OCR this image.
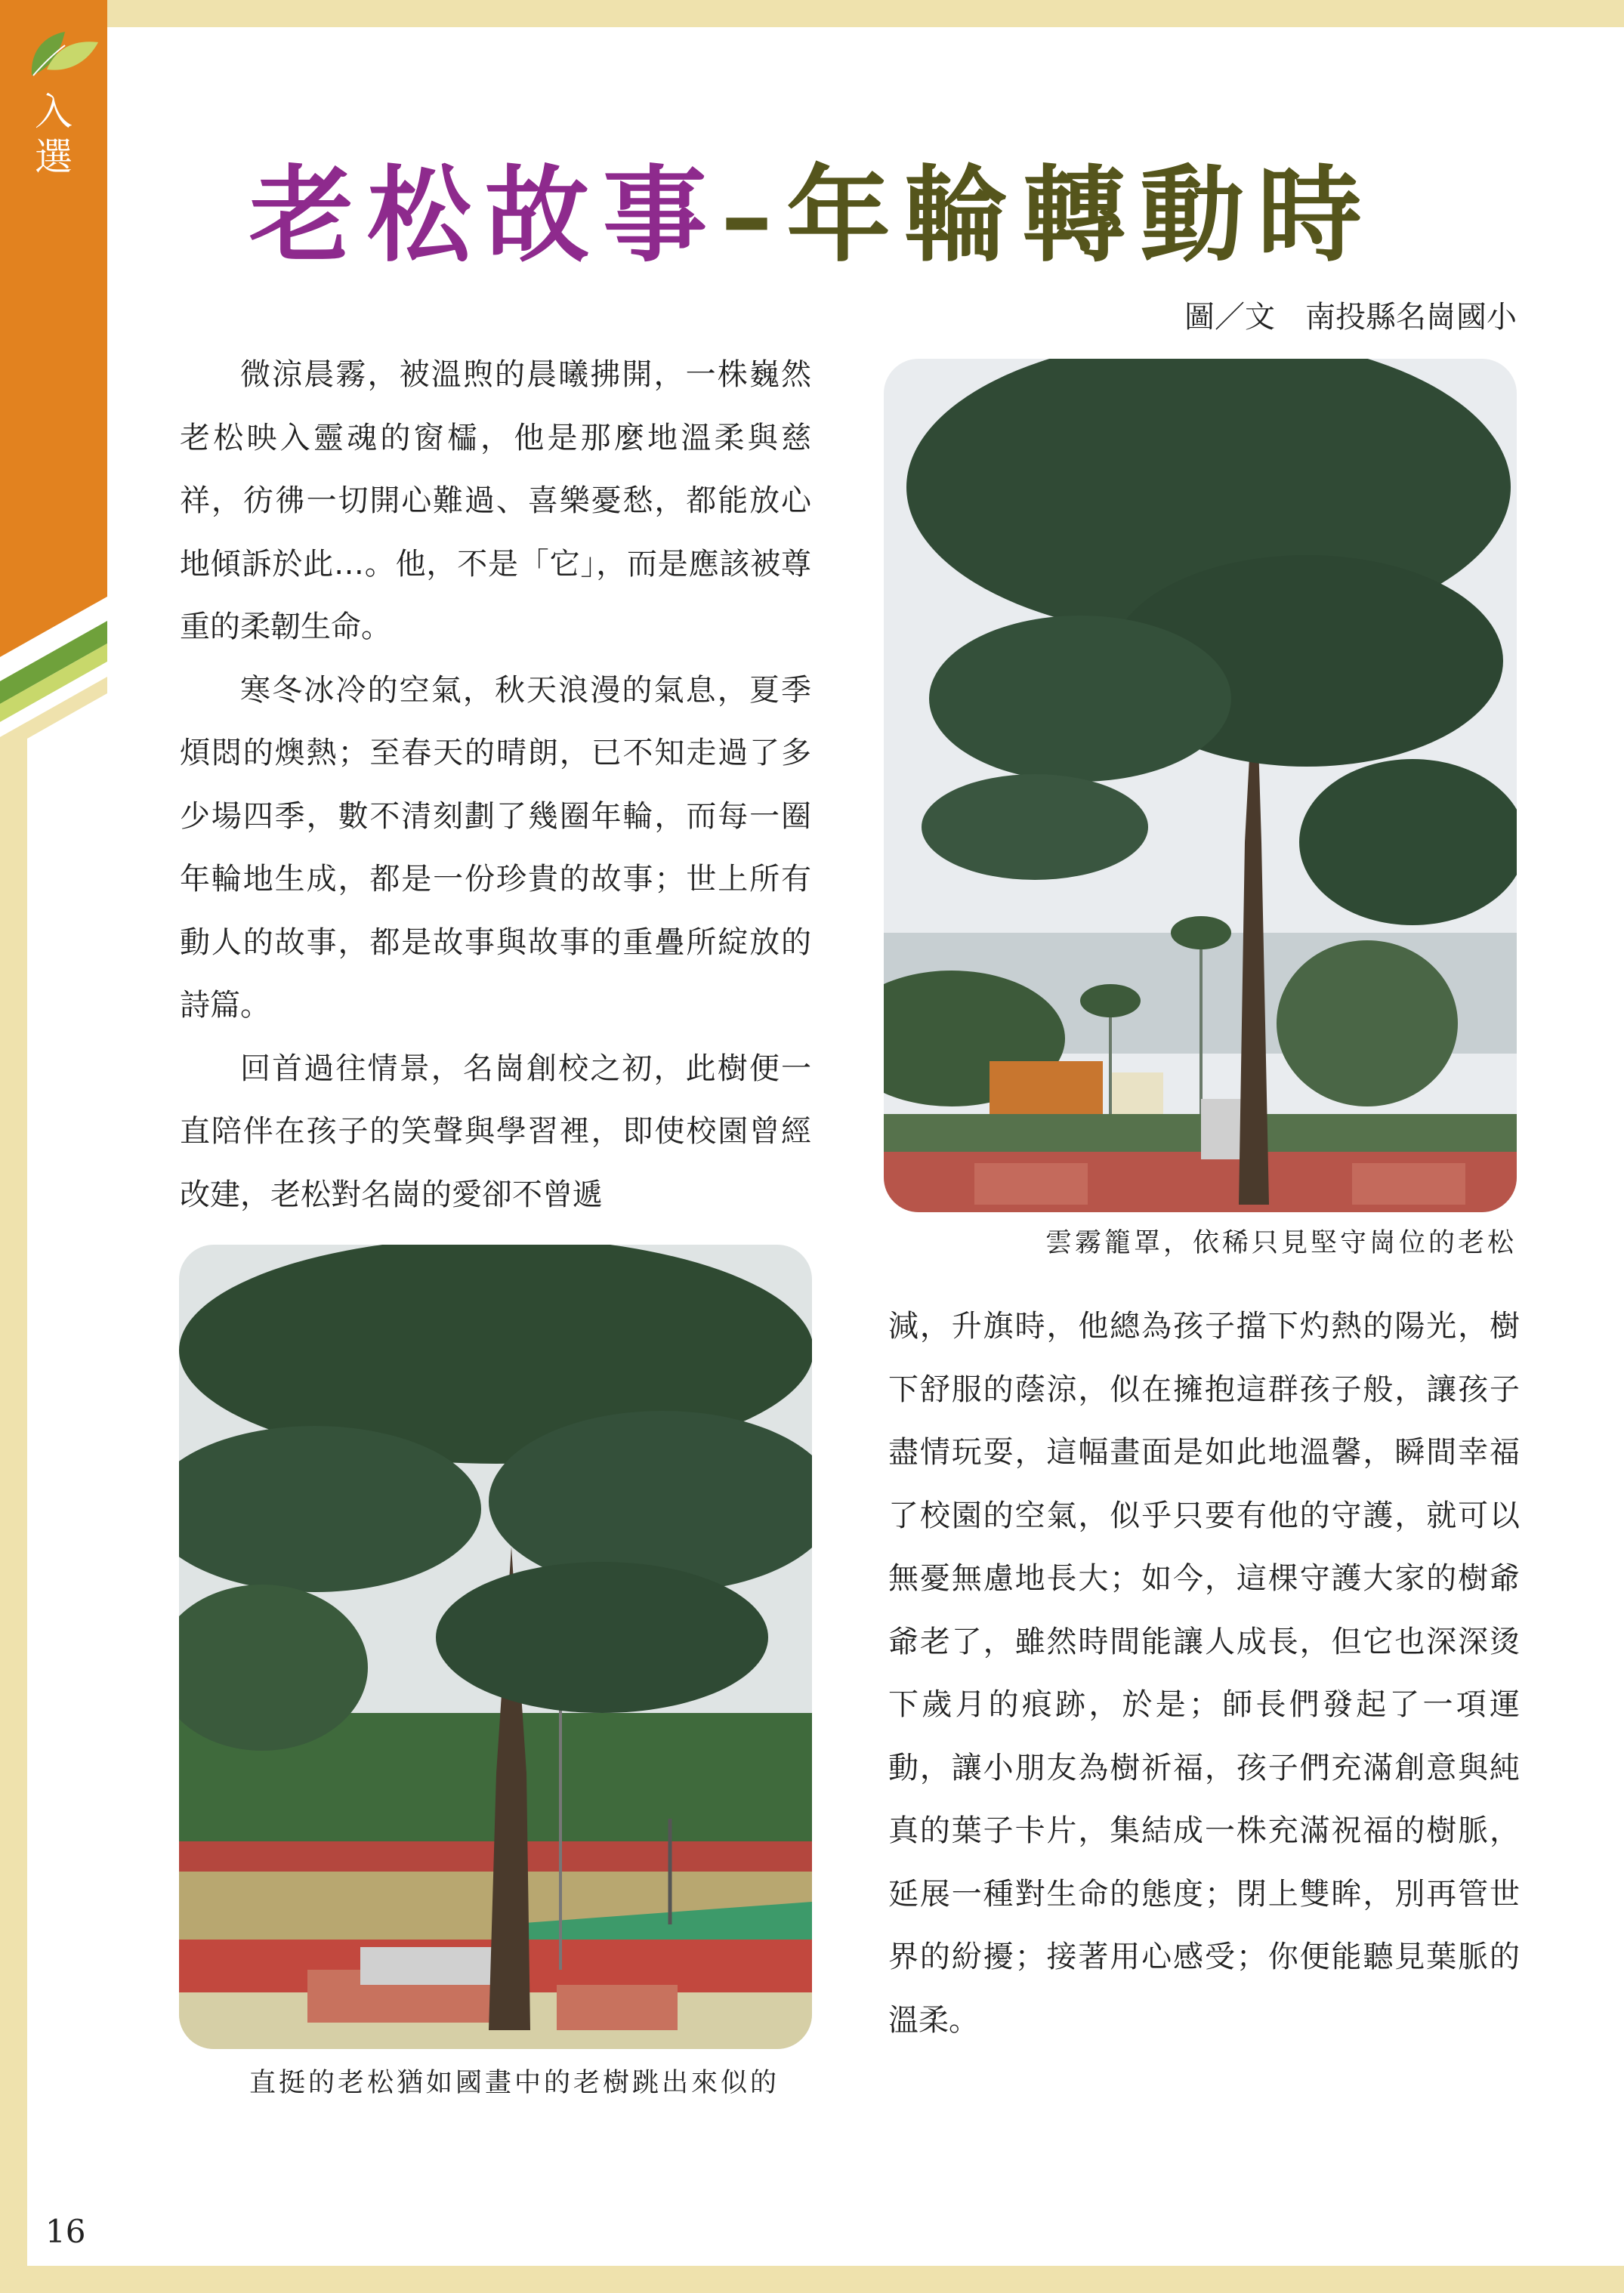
入選 老松故事–年輪轉動時
圖／文　南投縣名崗國小

微涼晨霧，被溫煦的晨曦拂開，一株巍然老松映入靈魂的窗櫺，他是那麼地溫柔與慈祥，彷彿一切開心難過、喜樂憂愁，都能放心地傾訴於此…。他，不是「它」，而是應該被尊重的柔韌生命。

寒冬冰冷的空氣，秋天浪漫的氣息，夏季煩悶的燠熱；至春天的晴朗，已不知走過了多少場四季，數不清刻劃了幾圈年輪，而每一圈年輪地生成，都是一份珍貴的故事；世上所有動人的故事，都是故事與故事的重疊所綻放的詩篇。

回首過往情景，名崗創校之初，此樹便一直陪伴在孩子的笑聲與學習裡，即使校園曾經改建，老松對名崗的愛卻不曾遞

雲霧籠罩，依稀只見堅守崗位的老松
直挺的老松猶如國畫中的老樹跳出來似的

減，升旗時，他總為孩子擋下灼熱的陽光，樹下舒服的蔭涼，似在擁抱這群孩子般，讓孩子盡情玩耍，這幅畫面是如此地溫馨，瞬間幸福了校園的空氣，似乎只要有他的守護，就可以無憂無慮地長大；如今，這棵守護大家的樹爺爺老了，雖然時間能讓人成長，但它也深深烫下歲月的痕跡，於是；師長們發起了一項運動，讓小朋友為樹祈福，孩子們充滿創意與純真的葉子卡片，集結成一株充滿祝福的樹脈，延展一種對生命的態度；閉上雙眸，別再管世界的紛擾；接著用心感受；你便能聽見葉脈的溫柔。

16
